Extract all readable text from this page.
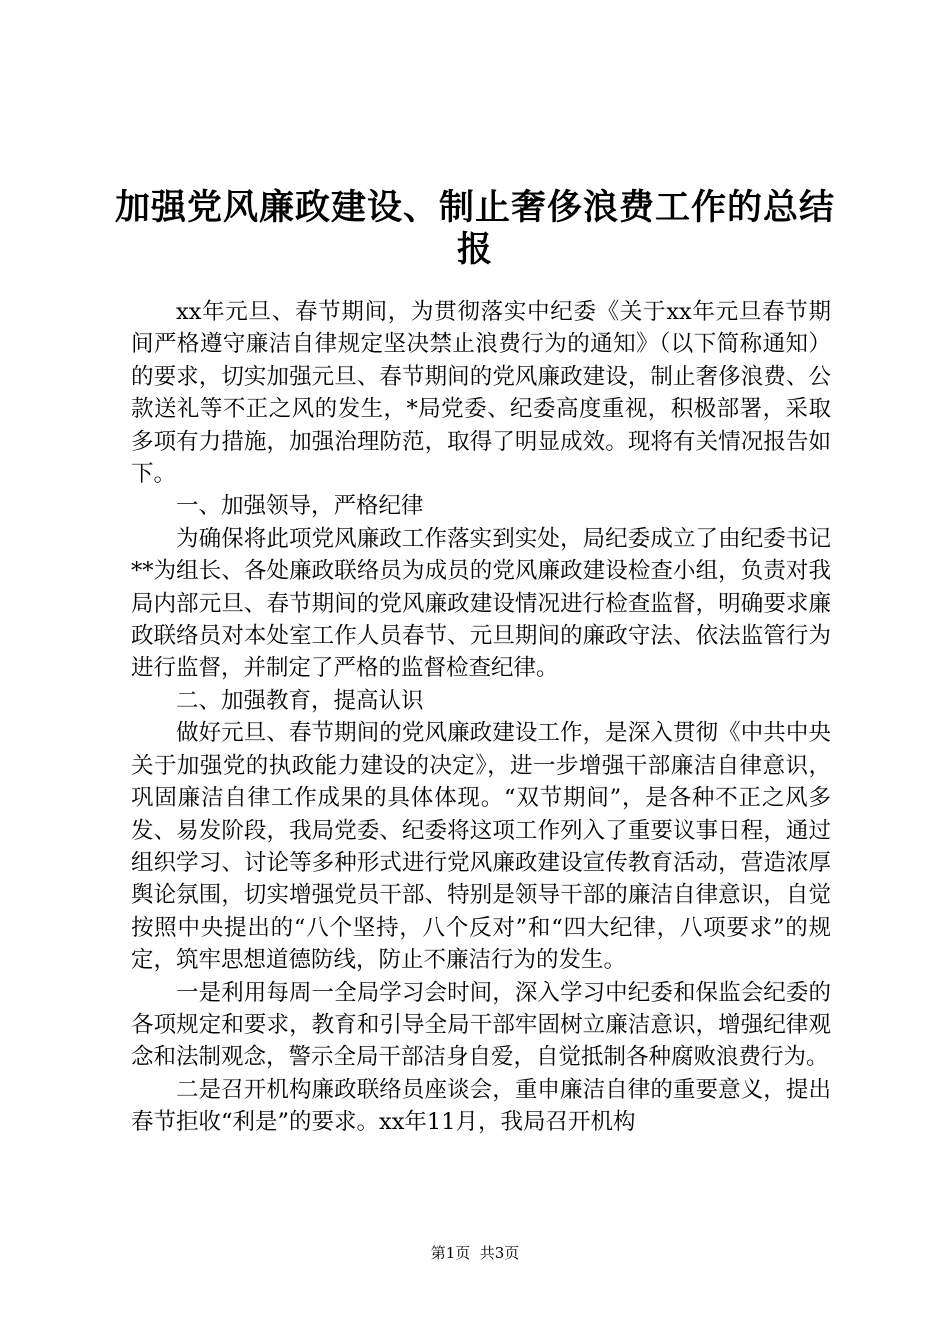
加强党风廉政建设、制止奢侈浪费工作的总结
报

xx年元旦、春节期间，为贯彻落实中纪委《关于xx年元旦春节期间严格遵守廉洁自律规定坚决禁止浪费行为的通知》（以下简称通知）的要求，切实加强元旦、春节期间的党风廉政建设，制止奢侈浪费、公款送礼等不正之风的发生，*局党委、纪委高度重视，积极部署，采取多项有力措施，加强治理防范，取得了明显成效。现将有关情况报告如下。

一、加强领导，严格纪律

为确保将此项党风廉政工作落实到实处，局纪委成立了由纪委书记**为组长、各处廉政联络员为成员的党风廉政建设检查小组，负责对我局内部元旦、春节期间的党风廉政建设情况进行检查监督，明确要求廉政联络员对本处室工作人员春节、元旦期间的廉政守法、依法监管行为进行监督，并制定了严格的监督检查纪律。

二、加强教育，提高认识

做好元旦、春节期间的党风廉政建设工作，是深入贯彻《中共中央关于加强党的执政能力建设的决定》，进一步增强干部廉洁自律意识，巩固廉洁自律工作成果的具体体现。“双节期间”，是各种不正之风多发、易发阶段，我局党委、纪委将这项工作列入了重要议事日程，通过组织学习、讨论等多种形式进行党风廉政建设宣传教育活动，营造浓厚舆论氛围，切实增强党员干部、特别是领导干部的廉洁自律意识，自觉按照中央提出的“八个坚持，八个反对”和“四大纪律，八项要求”的规定，筑牢思想道德防线，防止不廉洁行为的发生。

一是利用每周一全局学习会时间，深入学习中纪委和保监会纪委的各项规定和要求，教育和引导全局干部牢固树立廉洁意识，增强纪律观念和法制观念，警示全局干部洁身自爱，自觉抵制各种腐败浪费行为。

二是召开机构廉政联络员座谈会，重申廉洁自律的重要意义，提出春节拒收“利是”的要求。xx年11月，我局召开机构

第1页  共3页
